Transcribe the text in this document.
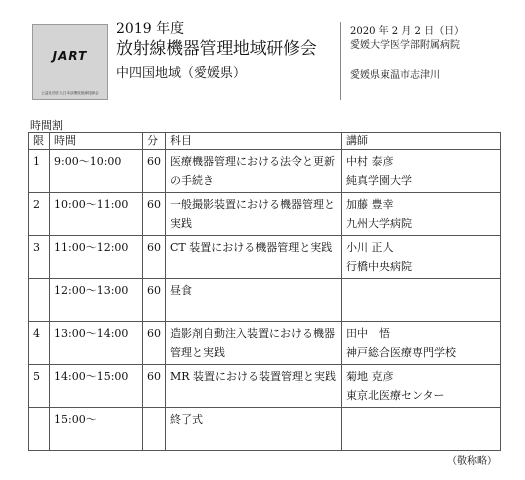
JART
公益社団法人日本診療放射線技師会
2019 年度
放射線機器管理地域研修会
中四国地域（愛媛県）
2020 年 2 月 2 日（日）
愛媛大学医学部附属病院
愛媛県東温市志津川
時間割
限	時間	分	科目	講師
1	9:00～10:00	60	医療機器管理における法令と更新の手続き	中村 泰彦
純真学園大学

2	10:00～11:00	60	一般撮影装置における機器管理と実践	加藤 豊幸
九州大学病院

3	11:00～12:00	60	CT 装置における機器管理と実践	小川 正人
行橋中央病院

	12:00～13:00	60	昼食	

4	13:00～14:00	60	造影剤自動注入装置における機器管理と実践	田中　悟
神戸総合医療専門学校

5	14:00～15:00	60	MR 装置における装置管理と実践	菊地 克彦
東京北医療センター

	15:00～		終了式	
（敬称略）
